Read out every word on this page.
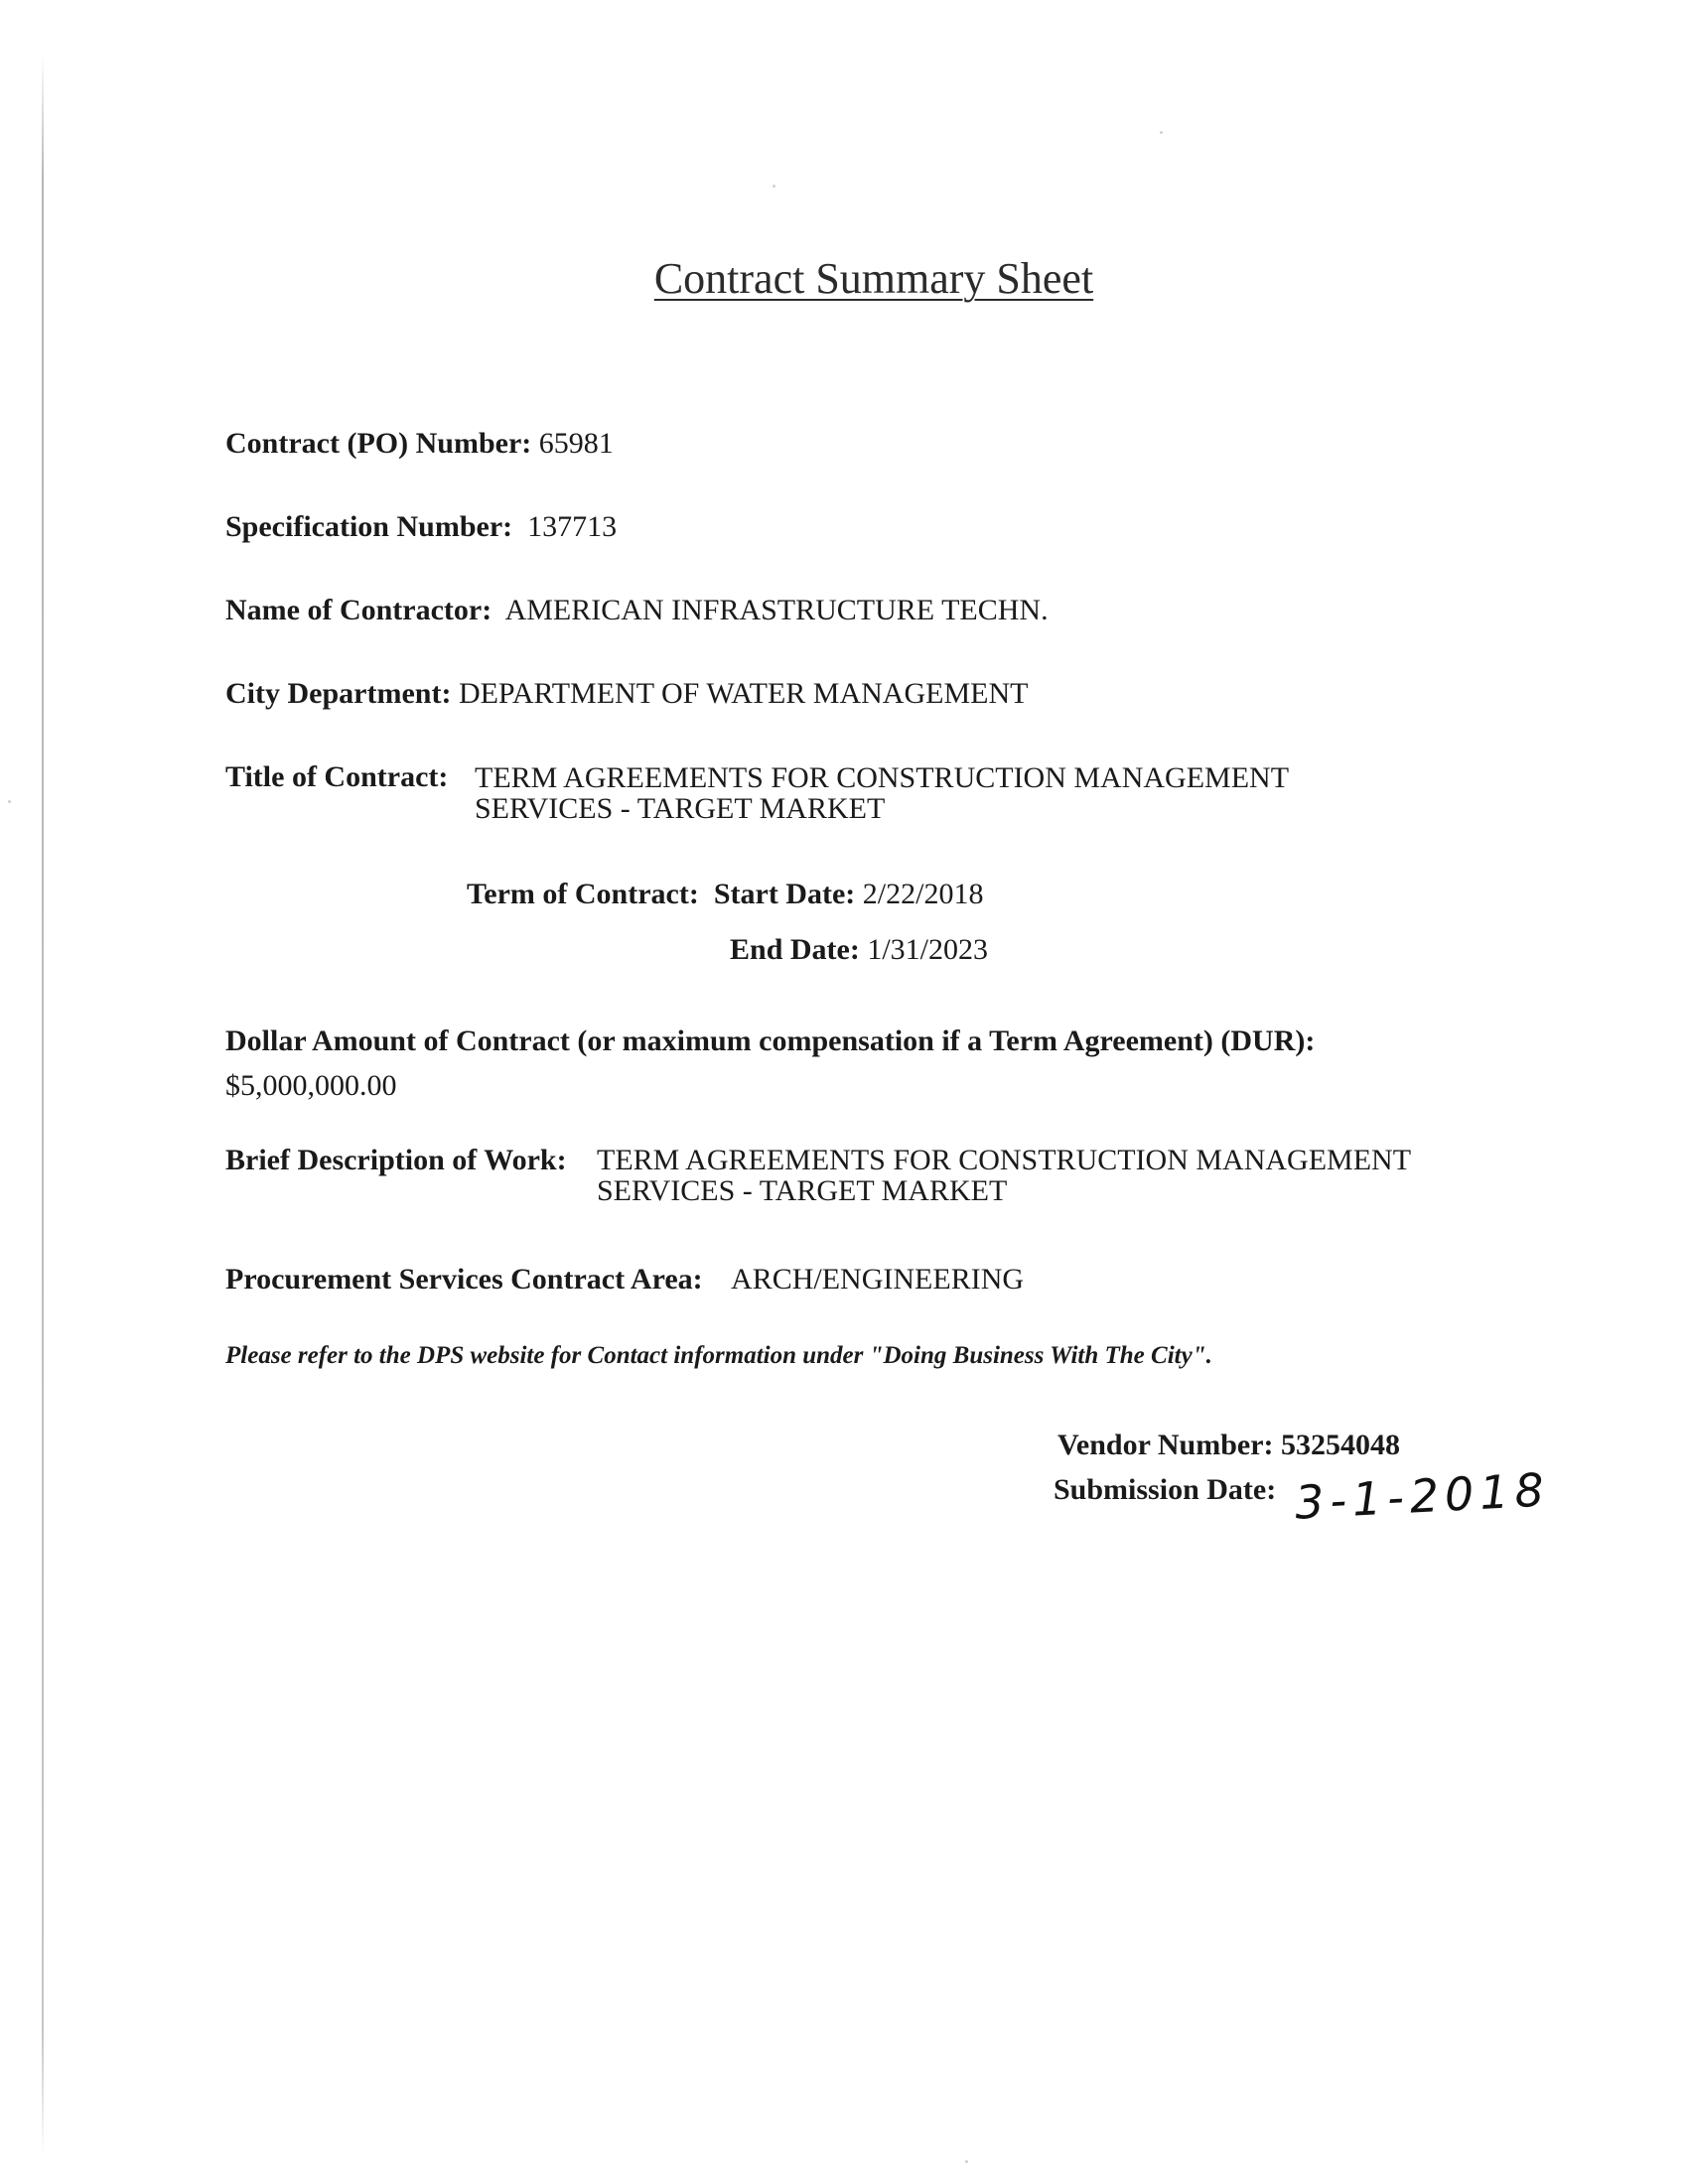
Contract Summary Sheet
Contract (PO) Number: 65981
Specification Number: 137713
Name of Contractor: AMERICAN INFRASTRUCTURE TECHN.
City Department: DEPARTMENT OF WATER MANAGEMENT
Title of Contract: TERM AGREEMENTS FOR CONSTRUCTION MANAGEMENT
SERVICES - TARGET MARKET
Term of Contract: Start Date: 2/22/2018
End Date: 1/31/2023
Dollar Amount of Contract (or maximum compensation if a Term Agreement) (DUR):
$5,000,000.00
Brief Description of Work: TERM AGREEMENTS FOR CONSTRUCTION MANAGEMENT
SERVICES - TARGET MARKET
Procurement Services Contract Area: ARCH/ENGINEERING
Please refer to the DPS website for Contact information under "Doing Business With The City".
Vendor Number: 53254048
Submission Date: 3-1-2018
